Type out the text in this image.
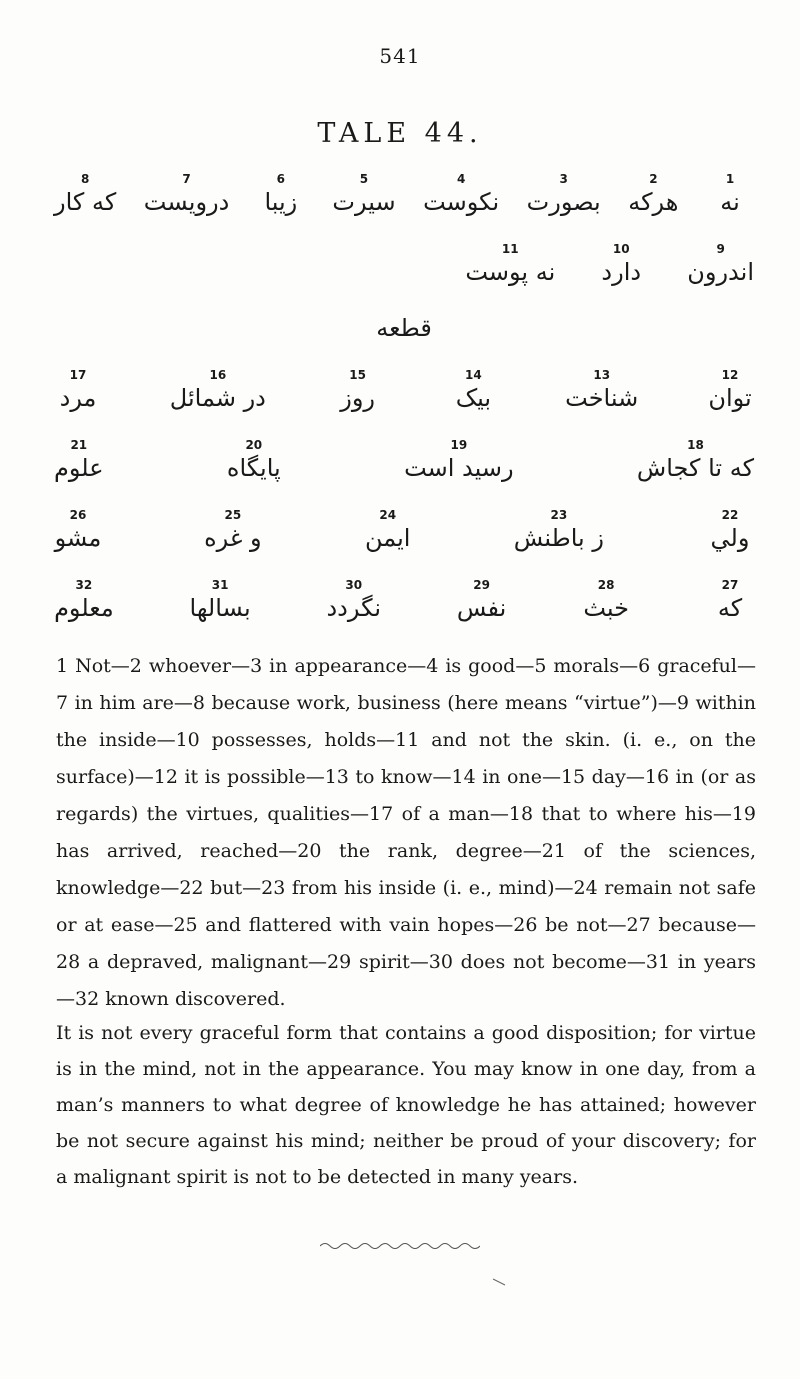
541
TALE 44.
1
نه
2
هرکه
3
بصورت
4
نکوست
5
سیرت
6
زیبا
7
درویست
8
که کار
9
اندرون
10
دارد
11
نه پوست
قطعه
12
توان
13
شناخت
14
بیک
15
روز
16
در شمائل
17
مرد
18
که تا کجاش
19
رسید است
20
پایگاه
21
علوم
22
ولي
23
ز باطنش
24
ایمن
25
و غره
26
مشو
27
که
28
خبث
29
نفس
30
نگردد
31
بسالها
32
معلوم
1 Not—2 whoever—3 in appearance—4 is good—5 morals—6 graceful—7 in him are—8 because work, business (here means “virtue”)—9 within the inside—10 possesses, holds—11 and not the skin. (i. e., on the surface)—12 it is possible—13 to know—14 in one—15 day—16 in (or as regards) the virtues, qualities—17 of a man—18 that to where his—19 has arrived, reached—20 the rank, degree—21 of the sciences, knowledge—22 but—23 from his inside (i. e., mind)—24 remain not safe or at ease—25 and flattered with vain hopes—26 be not—27 because—28 a depraved, malignant—29 spirit—30 does not become—31 in years—32 known discovered.
It is not every graceful form that contains a good disposition; for virtue is in the mind, not in the appearance. You may know in one day, from a man’s manners to what degree of knowledge he has attained; however be not secure against his mind; neither be proud of your discovery; for a malignant spirit is not to be detected in many years.
